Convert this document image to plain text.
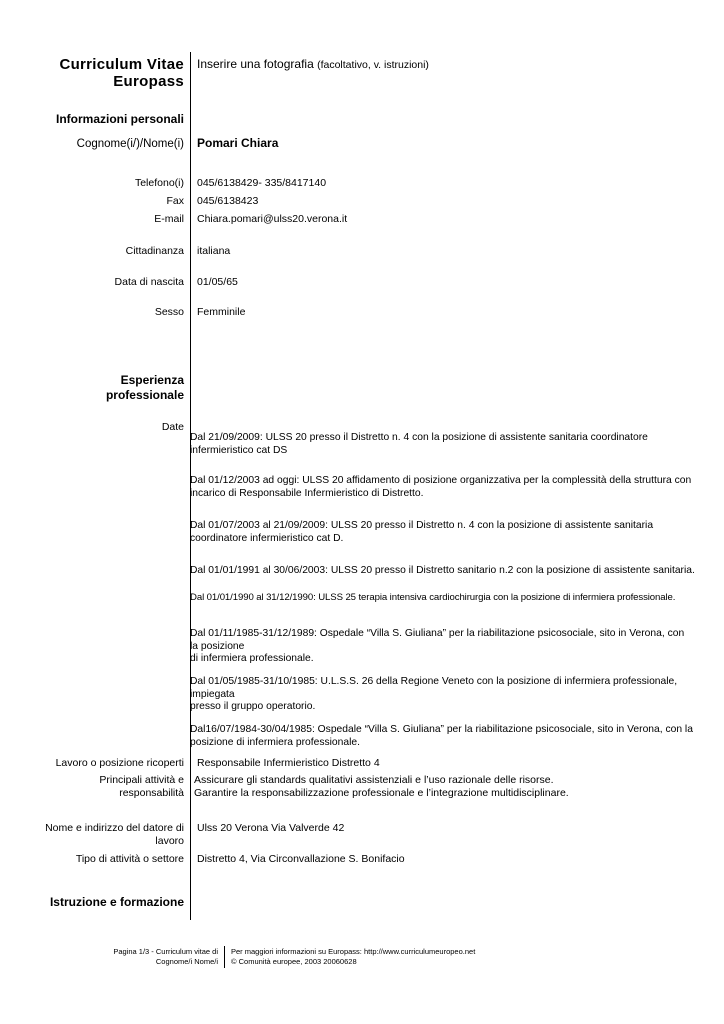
Curriculum Vitae
Europass
Inserire una fotografia (facoltativo, v. istruzioni)
Informazioni personali
Cognome(i/)/Nome(i) Pomari Chiara
Telefono(i) 045/6138429- 335/8417140
Fax 045/6138423
E-mail Chiara.pomari@ulss20.verona.it
Cittadinanza italiana
Data di nascita 01/05/65
Sesso Femminile
Esperienza
professionale
Date
Dal 21/09/2009: ULSS 20 presso il Distretto n. 4 con la posizione di assistente sanitaria coordinatore
infermieristico cat DS
Dal 01/12/2003 ad oggi: ULSS 20 affidamento di posizione organizzativa per la complessità della struttura con
incarico di Responsabile Infermieristico di Distretto.
Dal 01/07/2003 al 21/09/2009: ULSS 20 presso il Distretto n. 4 con la posizione di assistente sanitaria
coordinatore infermieristico cat D.
Dal 01/01/1991 al 30/06/2003: ULSS 20 presso il Distretto sanitario n.2 con la posizione di assistente sanitaria.
Dal 01/01/1990 al 31/12/1990: ULSS 25 terapia intensiva cardiochirurgia con la posizione di infermiera professionale.
Dal 01/11/1985-31/12/1989: Ospedale “Villa S. Giuliana” per la riabilitazione psicosociale, sito in Verona, con la posizione
di infermiera professionale.
Dal 01/05/1985-31/10/1985: U.L.S.S. 26 della Regione Veneto con la posizione di infermiera professionale, impiegata
presso il gruppo operatorio.
Dal16/07/1984-30/04/1985: Ospedale “Villa S. Giuliana” per la riabilitazione psicosociale, sito in Verona, con la
posizione di infermiera professionale.
Lavoro o posizione ricoperti Responsabile Infermieristico Distretto 4
Principali attività e
responsabilità
Assicurare gli standards qualitativi assistenziali e l’uso razionale delle risorse.
Garantire la responsabilizzazione professionale e l’integrazione multidisciplinare.
Nome e indirizzo del datore di
lavoro
Ulss 20 Verona Via Valverde 42
Tipo di attività o settore Distretto 4, Via Circonvallazione S. Bonifacio
Istruzione e formazione
Pagina 1/3 - Curriculum vitae di
Cognome/i Nome/i
Per maggiori informazioni su Europass: http://www.curriculumeuropeo.net
© Comunità europee, 2003 20060628
